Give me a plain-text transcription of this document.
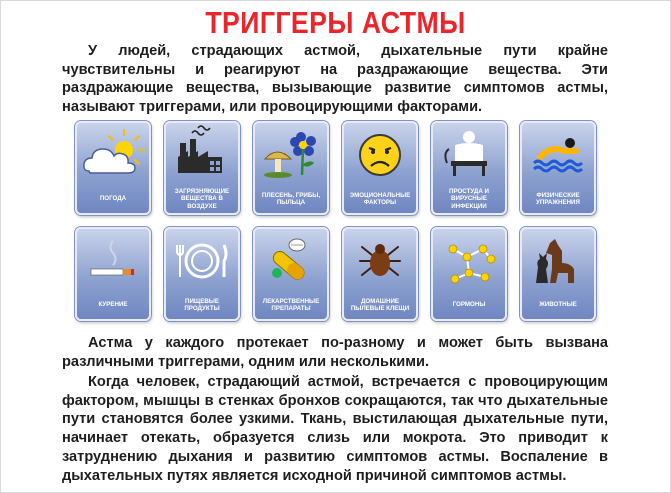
ТРИГГЕРЫ АСТМЫ

У людей, страдающих астмой, дыхательные пути крайне чувствительны и реагируют на раздражающие вещества. Эти раздражающие вещества, вызывающие развитие симптомов астмы, называют триггерами, или провоцирующими факторами.

ПОГОДА
ЗАГРЯЗНЯЮЩИЕ ВЕЩЕСТВА В ВОЗДУХЕ
ПЛЕСЕНЬ, ГРИБЫ, ПЫЛЬЦА
ЭМОЦИОНАЛЬНЫЕ ФАКТОРЫ
ПРОСТУДА И ВИРУСНЫЕ ИНФЕКЦИИ
ФИЗИЧЕСКИЕ УПРАЖНЕНИЯ
КУРЕНИЕ
ПИЩЕВЫЕ ПРОДУКТЫ
ЛЕКАРСТВЕННЫЕ ПРЕПАРАТЫ
ДОМАШНИЕ ПЫЛЕВЫЕ КЛЕЩИ
ГОРМОНЫ	ЖИВОТНЫЕ

Астма у каждого протекает по-разному и может быть вызвана различными триггерами, одним или несколькими.

Когда человек, страдающий астмой, встречается с провоцирующим фактором, мышцы в стенках бронхов сокращаются, так что дыхательные пути становятся более узкими. Ткань, выстилающая дыхательные пути, начинает отекать, образуется слизь или мокрота. Это приводит к затруднению дыхания и развитию симптомов астмы. Воспаление в дыхательных путях является исходной причиной симптомов астмы.
